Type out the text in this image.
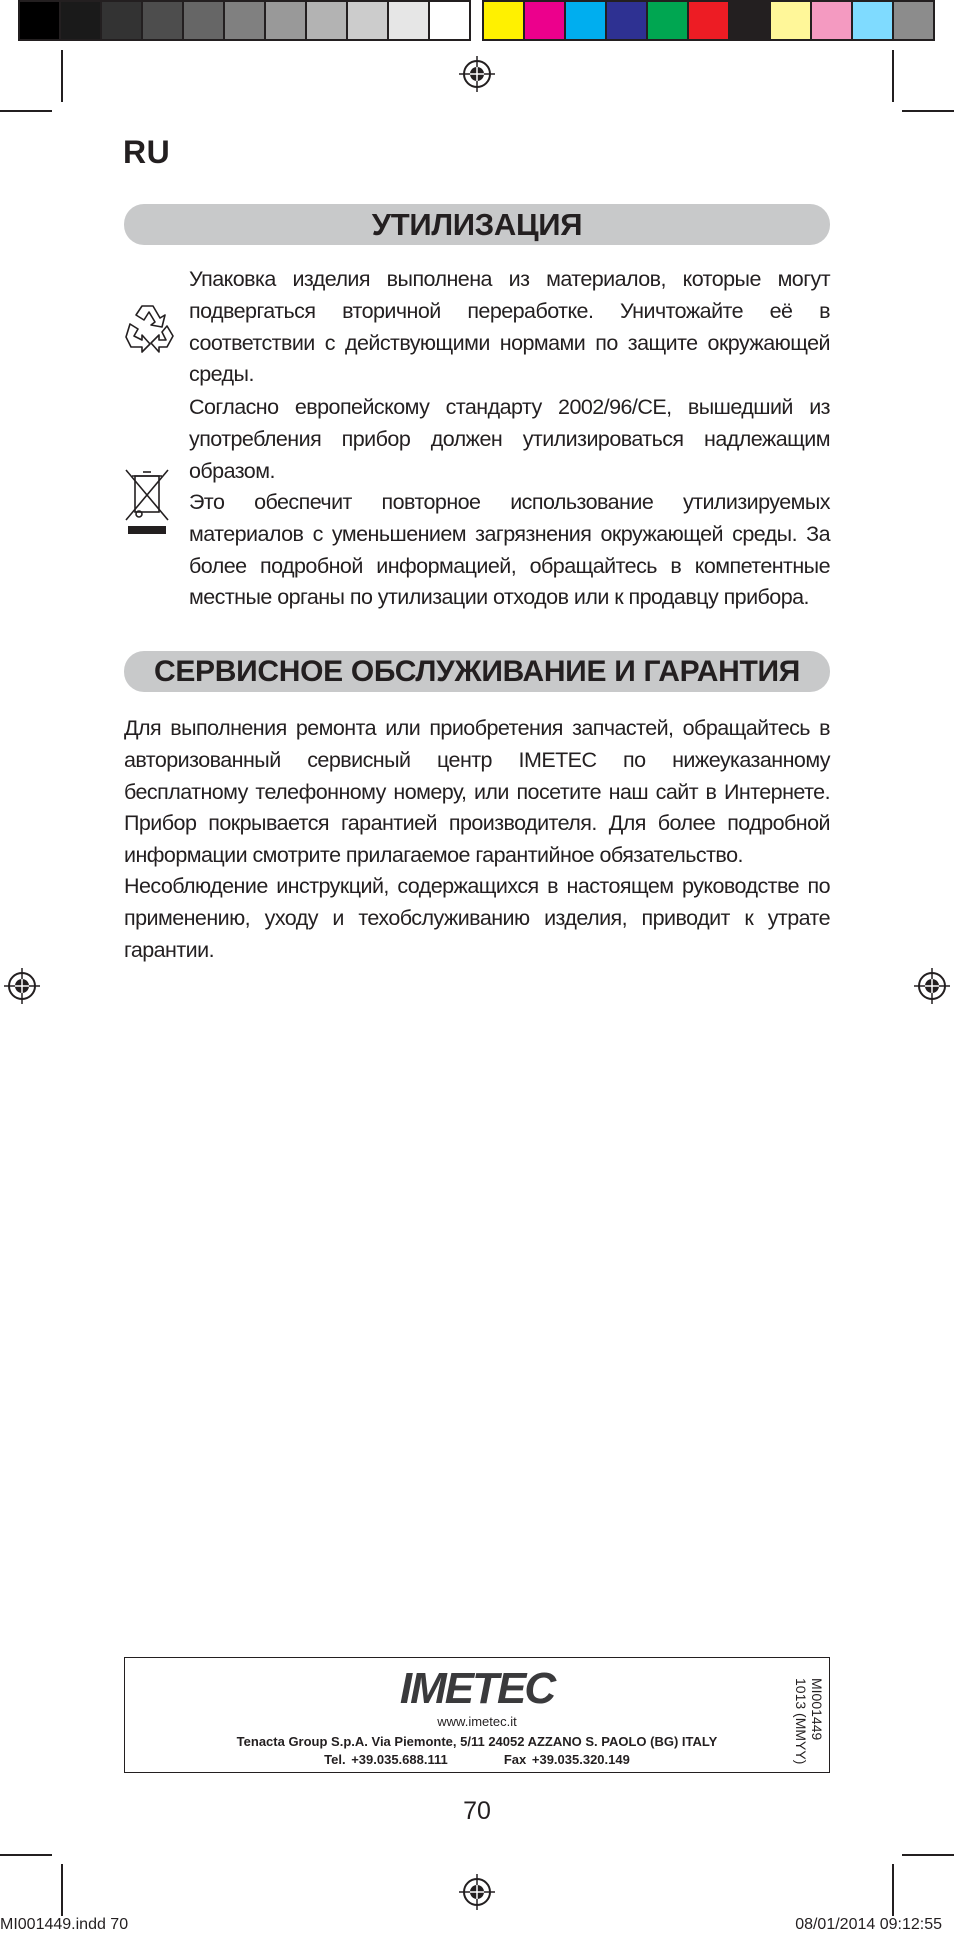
RU
УТИЛИЗАЦИЯ
Упаковка изделия выполнена из материалов, которые могут подвергаться вторичной переработке. Уничтожайте её в соответствии с действующими нормами по защите окружающей среды.
Согласно европейскому стандарту 2002/96/CE, вышедший из употребления прибор должен утилизироваться надлежащим образом.
Это обеспечит повторное использование утилизируемых материалов с уменьшением загрязнения окружающей среды. За более подробной информацией, обращайтесь в компетентные местные органы по утилизации отходов или к продавцу прибора.
СЕРВИСНОЕ ОБСЛУЖИВАНИЕ И ГАРАНТИЯ
Для выполнения ремонта или приобретения запчастей, обращайтесь в авторизованный сервисный центр IMETEC по нижеуказанному бесплатному телефонному номеру, или посетите наш сайт в Интернете. Прибор покрывается гарантией производителя. Для более подробной информации смотрите прилагаемое гарантийное обязательство.
Несоблюдение инструкций, содержащихся в настоящем руководстве по применению, уходу и техобслуживанию изделия, приводит к утрате гарантии.
IMETEC
www.imetec.it
Tenacta Group S.p.A. Via Piemonte, 5/11 24052 AZZANO S. PAOLO (BG) ITALY
Tel. +39.035.688.111	Fax +39.035.320.149
MI001449
1013 (MMYY)
70
MI001449.indd 70	08/01/2014 09:12:55
